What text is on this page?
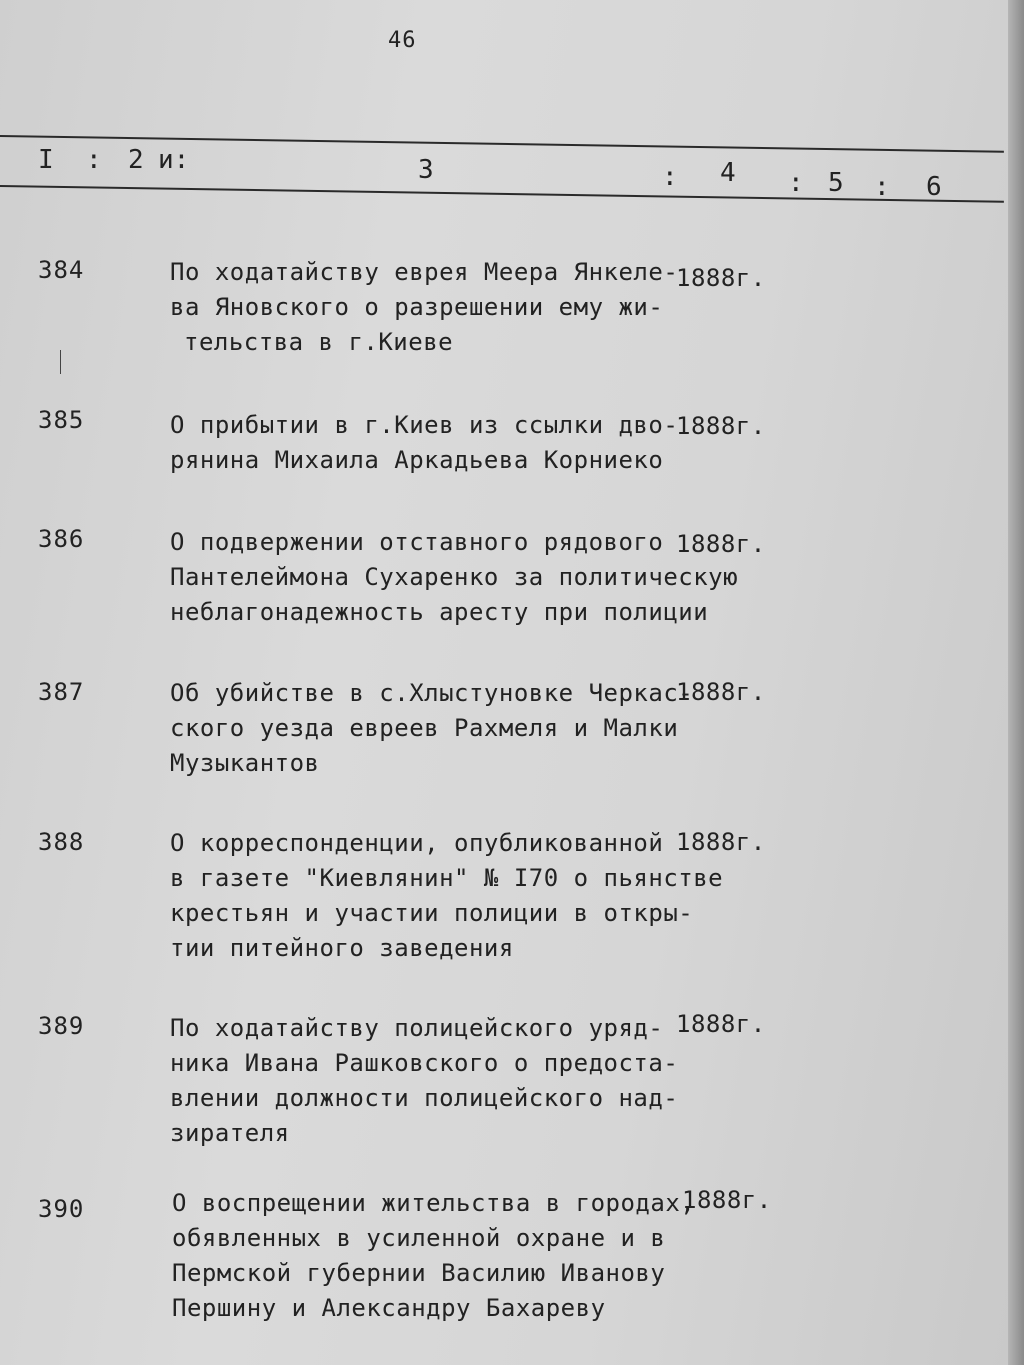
46
I : 2 и:	3	: 4 : 5 : 6
384	По ходатайству еврея Меера Янкеле-
ва Яновского о разрешении ему жи-
тельства в г.Киеве
1888г.
385	О прибытии в г.Киев из ссылки дво-
рянина Михаила Аркадьева Корниеко
1888г.
386	О подвержении отставного рядового
Пантелеймона Сухаренко за политическую
неблагонадежность аресту при полиции
1888г.
387	Об убийстве в с.Хлыстуновке Черкас-
ского уезда евреев Рахмеля и Малки
Музыкантов
1888г.
388	О корреспонденции, опубликованной
в газете "Киевлянин" № I70 о пьянстве
крестьян и участии полиции в откры-
тии питейного заведения
1888г.
389	По ходатайству полицейского уряд-
ника Ивана Рашковского о предоста-
влении должности полицейского над-
зирателя
1888г.
390	О воспрещении жительства в городах,
обявленных в усиленной охране и в
Пермской губернии Василию Иванову
Першину и Александру Бахареву
1888г.
